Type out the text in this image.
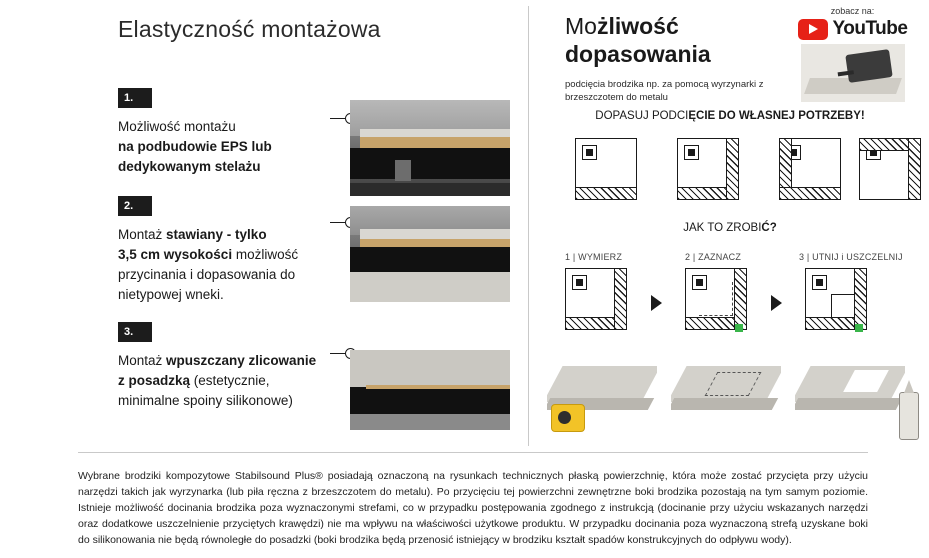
Elastyczność montażowa
1.
Możliwość montażu
na podbudowie EPS lub
dedykowanym stelażu
2.
Montaż stawiany - tylko
3,5 cm wysokości możliwość
przycinania i dopasowania do
nietypowej wneki.
3.
Montaż wpuszczany zlicowanie
z posadzką (estetycznie,
minimalne spoiny silikonowe)
Możliwość
dopasowania
podcięcia brodzika np. za pomocą wyrzynarki z brzeszczotem do metalu
zobacz na:
YouTube
DOPASUJ PODCIĘCIE DO WŁASNEJ POTRZEBY!
JAK TO ZROBIĆ?
1 | WYMIERZ	2 | ZAZNACZ	3 | UTNIJ i USZCZELNIJ
Wybrane brodziki kompozytowe Stabilsound Plus® posiadają oznaczoną na rysunkach technicznych płaską powierzchnię, która może zostać przycięta przy użyciu narzędzi takich jak wyrzynarka (lub piła ręczna z brzeszczotem do metalu). Po przycięciu tej powierzchni zewnętrzne boki brodzika pozostają na tym samym poziomie. Istnieje możliwość docinania brodzika poza wyznaczonymi strefami, co w przypadku postępowania zgodnego z instrukcją (docinanie przy użyciu wskazanych narzędzi oraz dodatkowe uszczelnienie przyciętych krawędzi) nie ma wpływu na właściwości użytkowe produktu. W przypadku docinania poza wyznaczoną strefą uzyskane boki do silikonowania nie będą równoległe do posadzki (boki brodzika będą przenosić istniejący w brodziku kształt spadów konstrukcyjnych do odpływu wody).
